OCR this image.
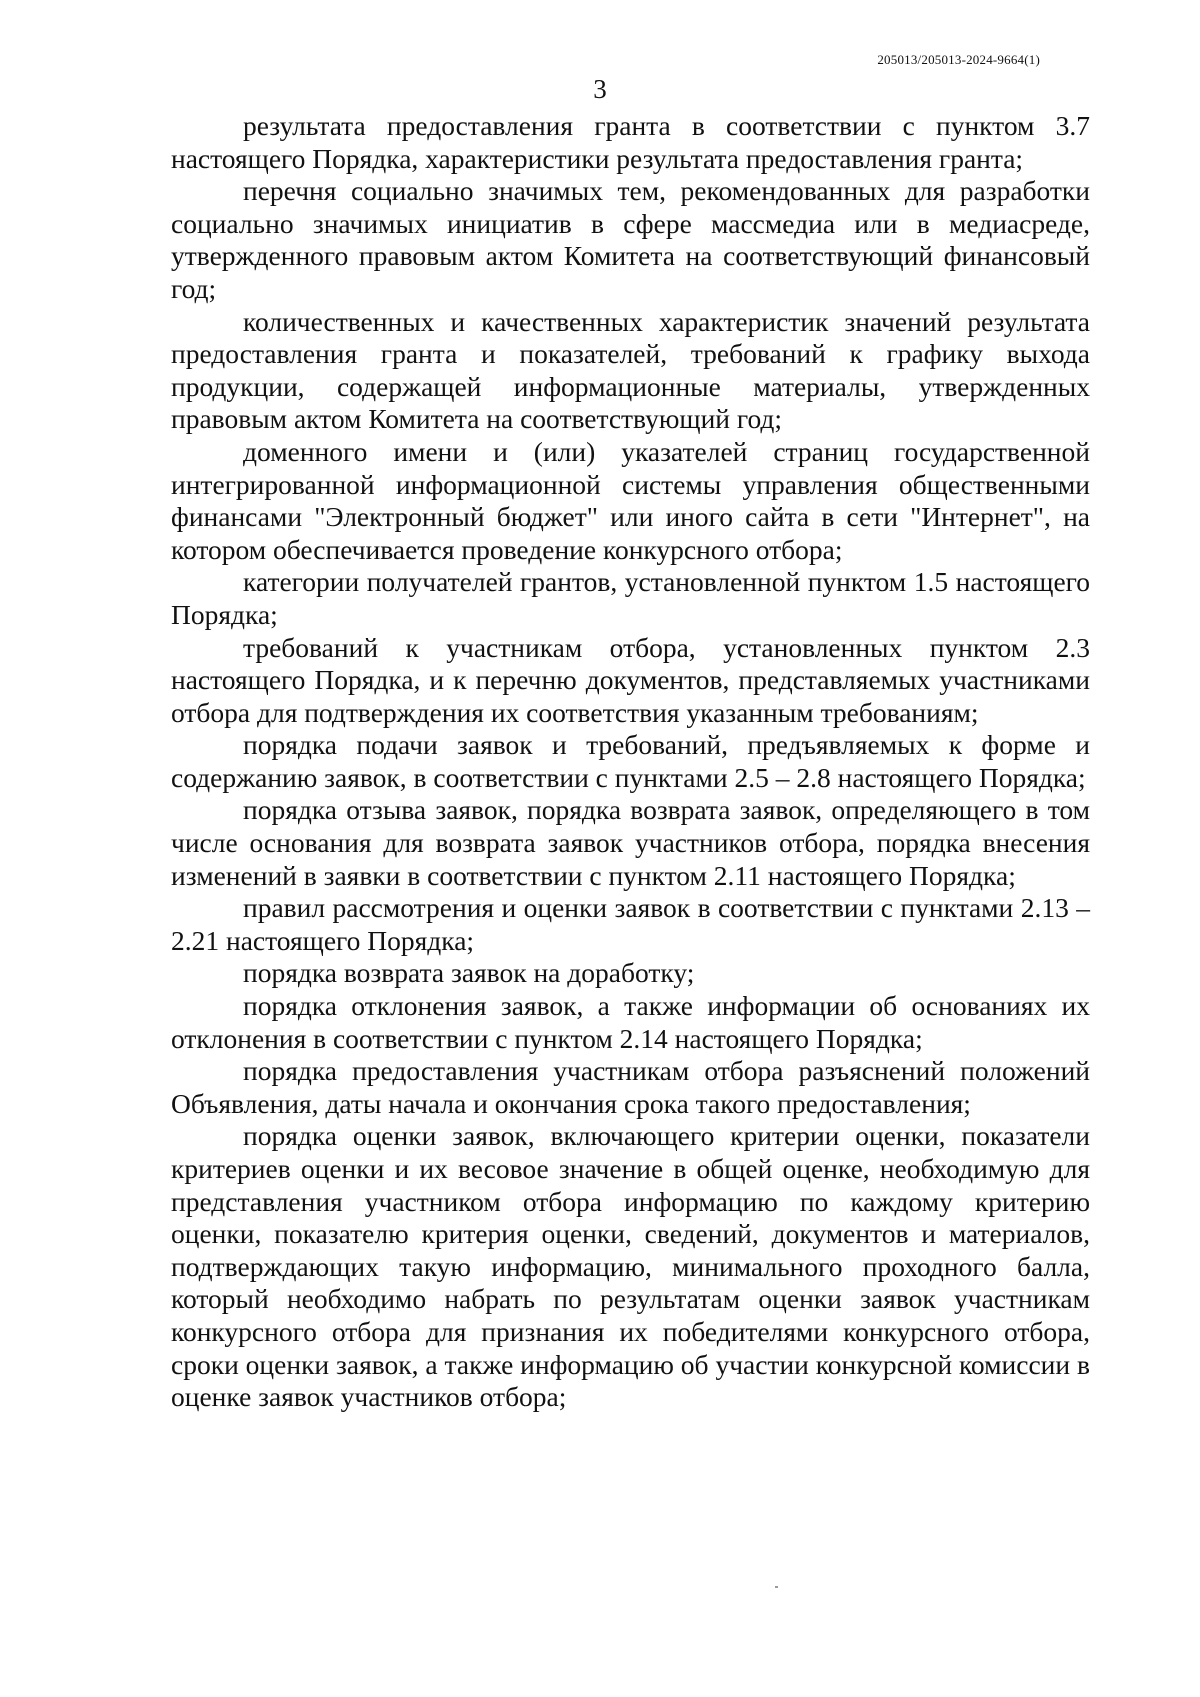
205013/205013-2024-9664(1)
3

результата предоставления гранта в соответствии с пунктом 3.7 настоящего Порядка, характеристики результата предоставления гранта;

перечня социально значимых тем, рекомендованных для разработки социально значимых инициатив в сфере массмедиа или в медиасреде, утвержденного правовым актом Комитета на соответствующий финансовый год;

количественных и качественных характеристик значений результата предоставления гранта и показателей, требований к графику выхода продукции, содержащей информационные материалы, утвержденных правовым актом Комитета на соответствующий год;

доменного имени и (или) указателей страниц государственной интегрированной информационной системы управления общественными финансами "Электронный бюджет" или иного сайта в сети "Интернет", на котором обеспечивается проведение конкурсного отбора;

категории получателей грантов, установленной пунктом 1.5 настоящего Порядка;

требований к участникам отбора, установленных пунктом 2.3 настоящего Порядка, и к перечню документов, представляемых участниками отбора для подтверждения их соответствия указанным требованиям;

порядка подачи заявок и требований, предъявляемых к форме и содержанию заявок, в соответствии с пунктами 2.5 – 2.8 настоящего Порядка;

порядка отзыва заявок, порядка возврата заявок, определяющего в том числе основания для возврата заявок участников отбора, порядка внесения изменений в заявки в соответствии с пунктом 2.11 настоящего Порядка;

правил рассмотрения и оценки заявок в соответствии с пунктами 2.13 – 2.21 настоящего Порядка;

порядка возврата заявок на доработку;

порядка отклонения заявок, а также информации об основаниях их отклонения в соответствии с пунктом 2.14 настоящего Порядка;

порядка предоставления участникам отбора разъяснений положений Объявления, даты начала и окончания срока такого предоставления;

порядка оценки заявок, включающего критерии оценки, показатели критериев оценки и их весовое значение в общей оценке, необходимую для представления участником отбора информацию по каждому критерию оценки, показателю критерия оценки, сведений, документов и материалов, подтверждающих такую информацию, минимального проходного балла, который необходимо набрать по результатам оценки заявок участникам конкурсного отбора для признания их победителями конкурсного отбора, сроки оценки заявок, а также информацию об участии конкурсной комиссии в оценке заявок участников отбора;
